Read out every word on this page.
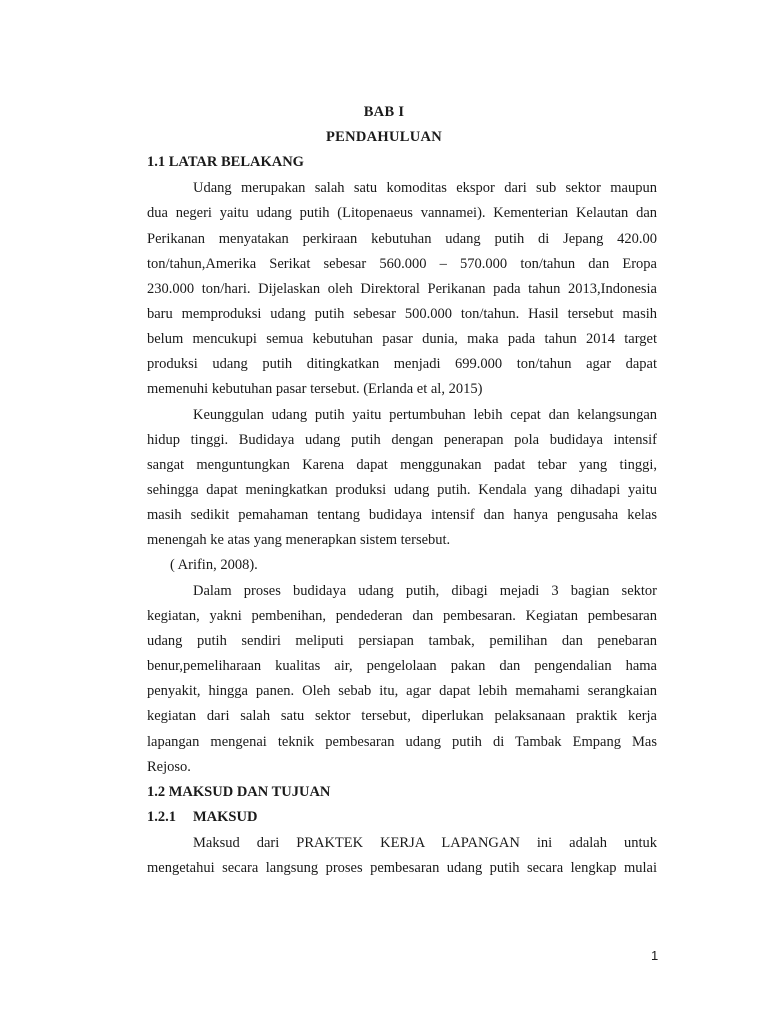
BAB I
PENDAHULUAN
1.1 LATAR BELAKANG
Udang merupakan salah satu komoditas ekspor dari sub sektor maupun
dua negeri yaitu udang putih (Litopenaeus vannamei). Kementerian Kelautan dan
Perikanan menyatakan perkiraan kebutuhan udang putih di Jepang 420.00
ton/tahun,Amerika Serikat sebesar 560.000 – 570.000 ton/tahun dan Eropa
230.000 ton/hari. Dijelaskan oleh Direktoral Perikanan pada tahun 2013,Indonesia
baru memproduksi udang putih sebesar 500.000 ton/tahun. Hasil tersebut masih
belum mencukupi semua kebutuhan pasar dunia, maka pada tahun 2014 target
produksi udang putih ditingkatkan menjadi 699.000 ton/tahun agar dapat
memenuhi kebutuhan pasar tersebut. (Erlanda et al, 2015)
Keunggulan udang putih yaitu pertumbuhan lebih cepat dan kelangsungan
hidup tinggi. Budidaya udang putih dengan penerapan pola budidaya intensif
sangat menguntungkan Karena dapat menggunakan padat tebar yang tinggi,
sehingga dapat meningkatkan produksi udang putih. Kendala yang dihadapi yaitu
masih sedikit pemahaman tentang budidaya intensif dan hanya pengusaha kelas
menengah ke atas yang menerapkan sistem tersebut.
( Arifin, 2008).
Dalam proses budidaya udang putih, dibagi mejadi 3 bagian sektor
kegiatan, yakni pembenihan, pendederan dan pembesaran. Kegiatan pembesaran
udang putih sendiri meliputi persiapan tambak, pemilihan dan penebaran
benur,pemeliharaan kualitas air, pengelolaan pakan dan pengendalian hama
penyakit, hingga panen. Oleh sebab itu, agar dapat lebih memahami serangkaian
kegiatan dari salah satu sektor tersebut, diperlukan pelaksanaan praktik kerja
lapangan mengenai teknik pembesaran udang putih di Tambak Empang Mas
Rejoso.
1.2 MAKSUD DAN TUJUAN
1.2.1 MAKSUD
Maksud dari PRAKTEK KERJA LAPANGAN ini adalah untuk
mengetahui secara langsung proses pembesaran udang putih secara lengkap mulai
1
